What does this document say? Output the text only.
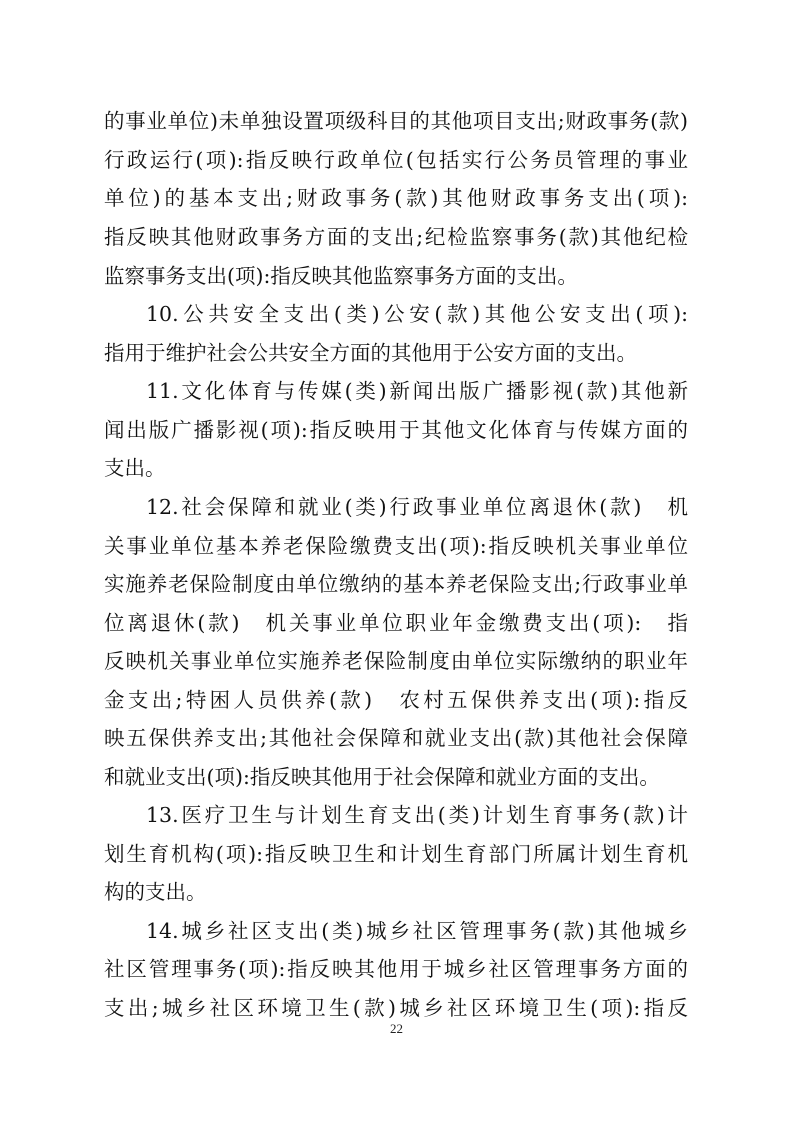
的事业单位)未单独设置项级科目的其他项目支出;财政事务(款)
行政运行(项):指反映行政单位(包括实行公务员管理的事业
单位)的基本支出;财政事务(款)其他财政事务支出(项):
指反映其他财政事务方面的支出;纪检监察事务(款)其他纪检
监察事务支出(项):指反映其他监察事务方面的支出。
10.公共安全支出(类)公安(款)其他公安支出(项):
指用于维护社会公共安全方面的其他用于公安方面的支出。
11.文化体育与传媒(类)新闻出版广播影视(款)其他新
闻出版广播影视(项):指反映用于其他文化体育与传媒方面的
支出。
12.社会保障和就业(类)行政事业单位离退休(款)　机
关事业单位基本养老保险缴费支出(项):指反映机关事业单位
实施养老保险制度由单位缴纳的基本养老保险支出;行政事业单
位离退休(款)　机关事业单位职业年金缴费支出(项):　指
反映机关事业单位实施养老保险制度由单位实际缴纳的职业年
金支出;特困人员供养(款)　农村五保供养支出(项):指反
映五保供养支出;其他社会保障和就业支出(款)其他社会保障
和就业支出(项):指反映其他用于社会保障和就业方面的支出。
13.医疗卫生与计划生育支出(类)计划生育事务(款)计
划生育机构(项):指反映卫生和计划生育部门所属计划生育机
构的支出。
14.城乡社区支出(类)城乡社区管理事务(款)其他城乡
社区管理事务(项):指反映其他用于城乡社区管理事务方面的
支出;城乡社区环境卫生(款)城乡社区环境卫生(项):指反
22
